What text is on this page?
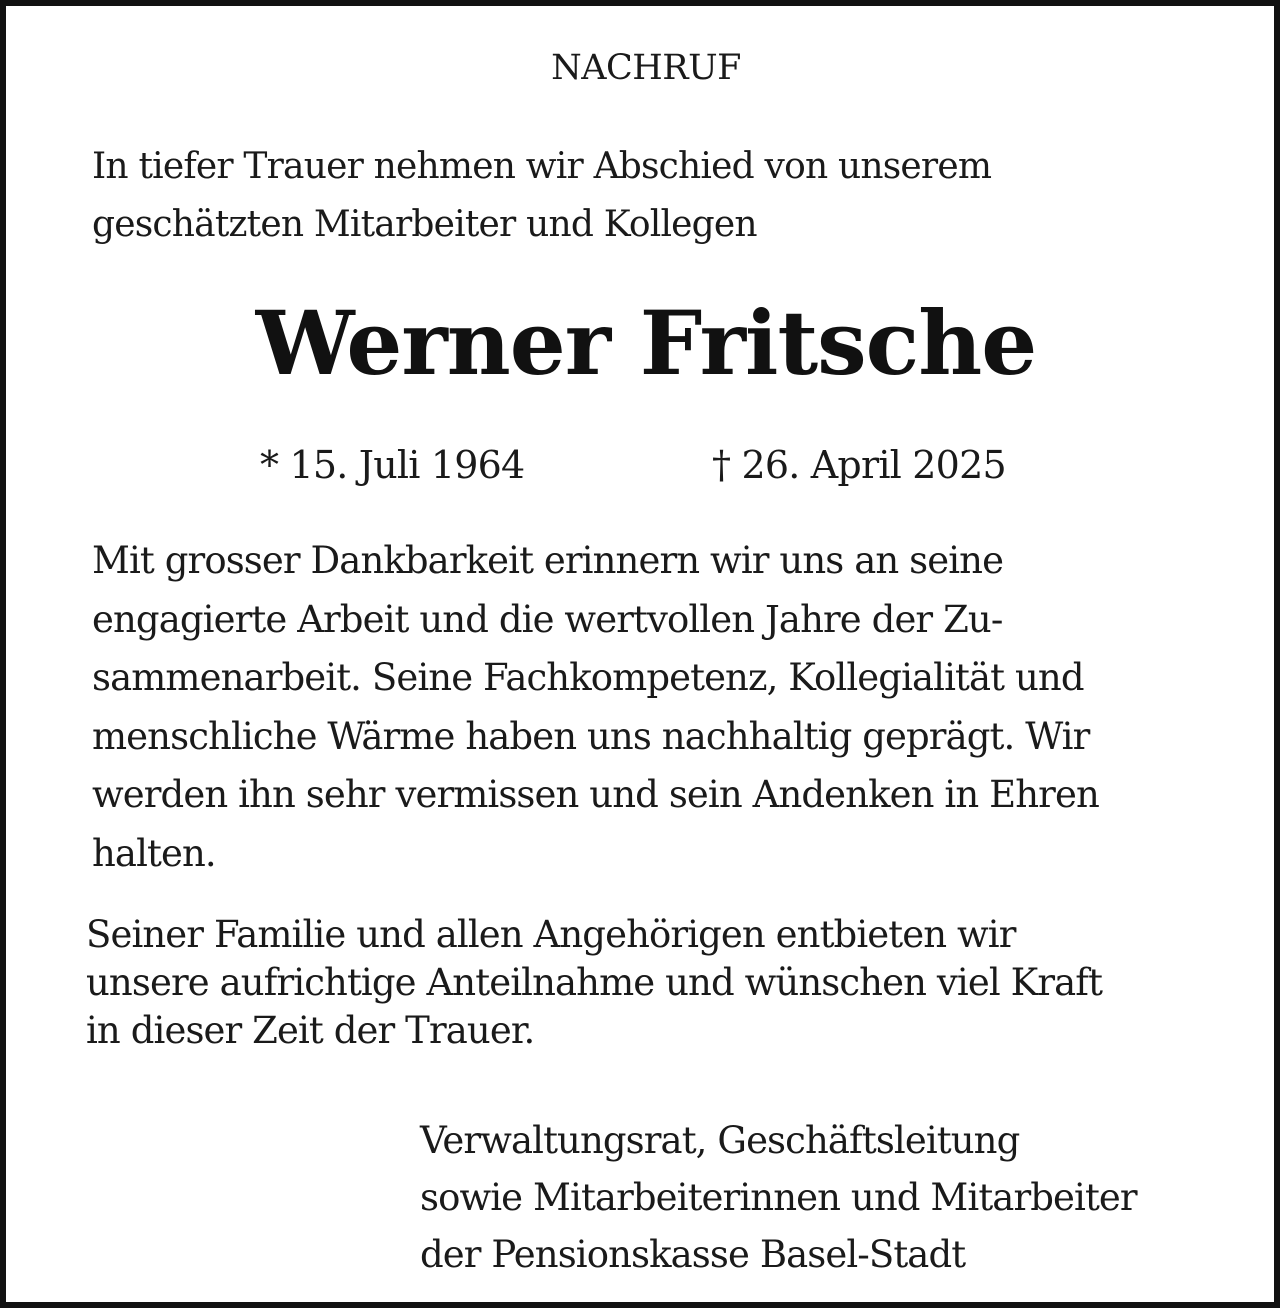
NACHRUF
In tiefer Trauer nehmen wir Abschied von unserem
geschätzten Mitarbeiter und Kollegen
Werner Fritsche
* 15. Juli 1964	† 26. April 2025
Mit grosser Dankbarkeit erinnern wir uns an seine
engagierte Arbeit und die wertvollen Jahre der Zu-
sammenarbeit. Seine Fachkompetenz, Kollegialität und
menschliche Wärme haben uns nachhaltig geprägt. Wir
werden ihn sehr vermissen und sein Andenken in Ehren
halten.
Seiner Familie und allen Angehörigen entbieten wir
unsere aufrichtige Anteilnahme und wünschen viel Kraft
in dieser Zeit der Trauer.
Verwaltungsrat, Geschäftsleitung
sowie Mitarbeiterinnen und Mitarbeiter
der Pensionskasse Basel-Stadt
